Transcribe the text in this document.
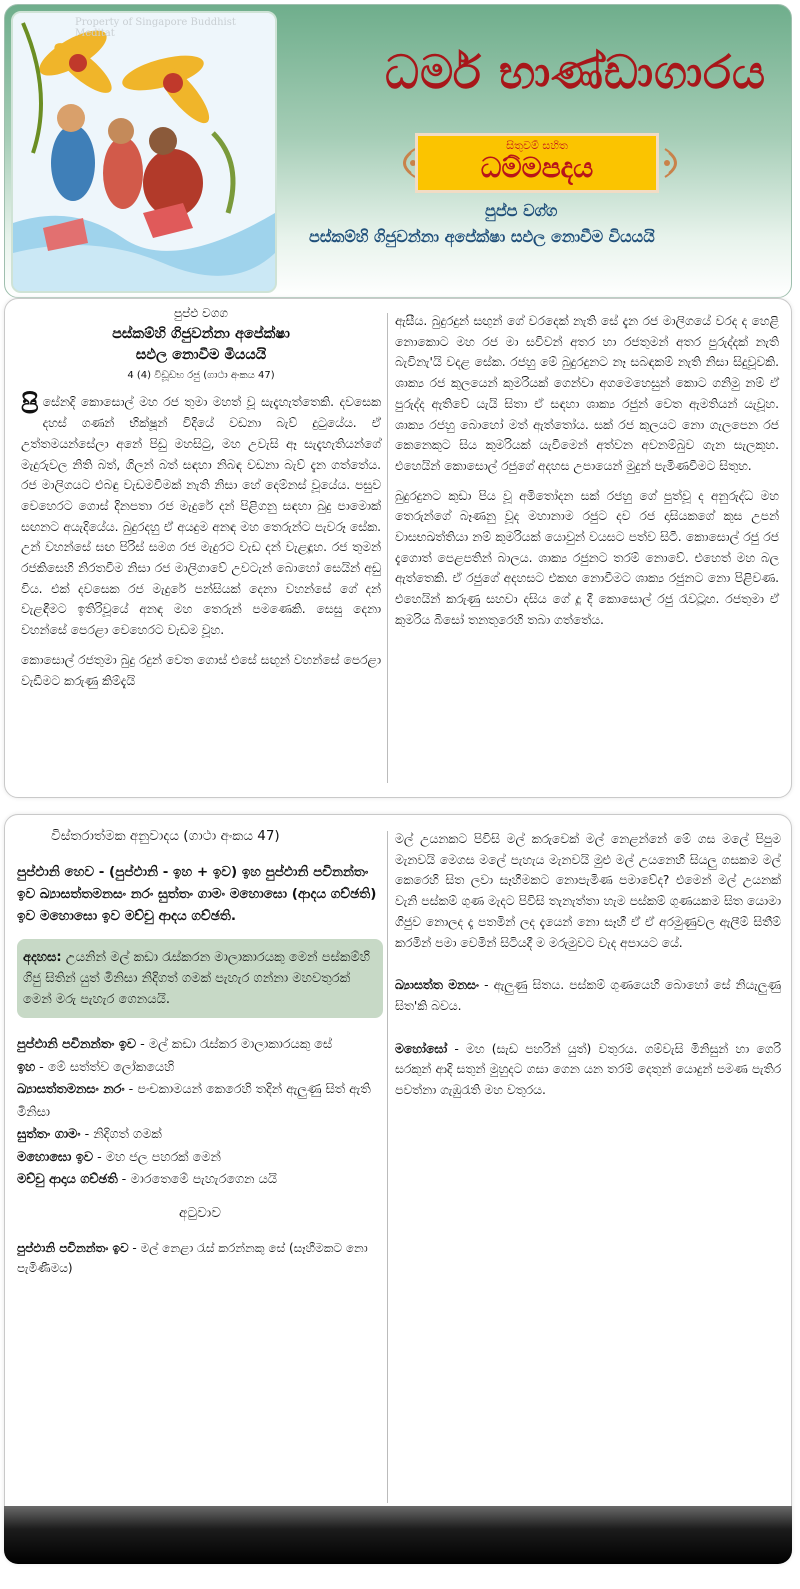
Property of Singapore Buddhist Meditat
ධර්ම භාණ්ඩාගාරය
සිතුවම් සහිත
ධම්මපදය
පුප්ප වග්ග
පස්කම්හි ගිජුවන්නා අපේක්ෂා සඵල නොවීම වියයයි
පුප්ඵ වගග
පස්කම්හි ගිජුවන්නා අපේක්ෂා
සඵල නොවීම මියයයි
4 (4) විඩූඩභ රජු (ගාථා අංකය 47)

පිසේනදි කොසොල් මහ රජ තුමා මහත් වූ සැදැහැත්තෙකි. දවසෙක දහස් ගණන් භික්ෂූන් විදියේ වඩනා බැව් දුටුයේය. ඒ උත්තමයන්සේලා අනේ පිඩු මහසිටු, මහ උවැසි ඈ සැදැහැතියන්ගේ මැදුරුවල නිති බත්, ගිලන් බත් සඳහා නිබඳ වඩනා බැව් දැන ගත්තේය. රජ මාලිගයට එබඳු වැඩමවීමක් නැති නිසා හේ දෙම්නස් වූයේය. පසුව වෙහෙරට ගොස් දිනපතා රජ මැදුරේ දන් පිළිගනු සඳහා බුදු පාමොක් සඟනට අයැදියේය. බුදුරදහු ඒ අයදුම අනඳ මහ තෙරුන්ට පැවරූ සේක. උන් වහන්සේ සඟ පිරිස් සමග රජ මැදුරට වැඩ දන් වැළඳූහ. රජ තුමන් රජකිසෙහි නිරතවීම නිසා රජ මාලිගාවේ උවටැන් බොහෝ සෙයින් අඩු විය. එක් දවසෙක රජ මැදුරේ පන්සියක් දෙනා වහන්සේ ගේ දන් වැළඳීමට ඉතිරිවූයේ අනඳ මහ තෙරුන් පමණෙකි. සෙසු දෙනා වහන්සේ පෙරළා වෙහෙරට වැඩම වූහ.

කොසොල් රජතුමා බුදු රදුන් වෙත ගොස් එසේ සඟුන් වහන්සේ පෙරළා වැඩීමට කරුණු කිම්දැයි

ඇසීය. බුදුරදුන් සඟුන් ගේ වරදෙක් නැති සේ දැන රජ මාලිගයේ වරද ද හෙළි නොකොට මහ රජ මා සවිවන් අතර හා රජතුමන් අතර පුරුද්දක් නැති බැවිනැ'යි වදළ සේක. රජහු මේ බුදුරදුනට නෑ සබඳකම් නැති නිසා සිදුවූවකි. ශාක්‍ය රජ කුලයෙන් කුමරියක් ගෙන්වා අගමෙහෙසුන් කොට ගනිමු නම් ඒ පුරුද්ද ඇතිවේ යැයි සිතා ඒ සඳහා ශාක්‍ය රජුන් වෙත ඇමතියන් යැවූහ. ශාක්‍ය රජහු බොහෝ මත් ඇත්තෝය. සක් රජ කුලයට නො ගැලපෙන රජ කෙනෙකුට සිය කුමරියක් යැවීමෙන් අත්වන අවනම්බුව ගැන සැලකුහ. එහෙයින් කොසොල් රජුගේ අදහස උපායෙන් මුදුන් පැමිණවීමට සිතුහ.

බුදුරදුනට කුඩා පිය වූ අමිතෝදන සක් රජහු ගේ පුත්වූ ද අනුරුද්ධ මහ තෙරුන්ගේ බෑණනු වූද මහානාම රජුට දව රජ දාසියකගේ කුස උපන් වාසභඛත්තියා නම් කුමරියක් යොවුන් වයසට පත්ව සිටී. කොසොල් රජු රජ දැගොත් පෙළපතින් බාලය. ශාක්‍ය රජුනට තරම් නොවේ. එහෙත් මහ බල ඇත්තෙකි. ඒ රජුගේ අදහසට එකඟ නොවීමට ශාක්‍ය රජුනට නො පිළිවණ. එහෙයින් කරුණු සහවා දසිය ගේ දූ දී කොසොල් රජු රැවටූහ. රජතුමා ඒ කුමරිය බිසෝ තනතුරෙහි තබා ගත්තේය.

විස්තරාත්මක අනුවාදය (ගාථා අංකය 47)
පුප්ඵානි හෙව - (පුප්ඵානි - ඉහ + ඉව) ඉහ පුප්ඵානි පචිනන්තං ඉව ඛ්‍යාසත්තමනසං නරං සුත්තං ගාමං මහොඝො (ආදය ගච්ඡති) ඉව මහොඝො ඉව මච්චු ආදය ගච්ඡති.
අදහස: උයනින් මල් කඩා රැස්කරන මාලාකාරයකු මෙන් පස්කම්හි ගිජු සිතින් යුත් මිනිසා නිදිගත් ගමක් පැහැර ගන්නා මහවතුරක් මෙන් මරු පැහැර ගෙනයයි.
පුප්ඵානි පචිනන්තං ඉව - මල් කඩා රැස්කර මාලාකාරයකු සේ
ඉහ - මේ සත්ත්ව ලෝකයෙහි
ඛ්‍යාසත්තමනසං නරං - පංචකාමයන් කෙරෙහි තදින් ඇලුණු සිත් ඇති මිනිසා
සුත්තං ගාමං - නිදිගත් ගමක්
මහොඝො ඉව - මහ ජල පහරක් මෙන්
මච්චු ආදාය ගච්ඡති - මාරතෙමේ පැහැරගෙන යයි
අටුවාව
පුප්ඵානි පචිනන්තං ඉව - මල් නෙළා රැස් කරන්නකු සේ (සෑහීමකට නො පැමිණීමය)

මල් උයනකට පිවිසි මල් කරුවෙක් මල් නෙළන්නේ මේ ගස මලේ පිපුම මැනවයි මෙගස මලේ පැහැය මැනවයි මුළු මල් උයනෙහි සියලු ගසකම මල් කෙරෙහි සිත ලවා සෑහීමකට නොපැමිණ පමාවේද? එමෙන් මල් උයනක් වැනි පස්කම් ගුණ මැදට පිවිසි තැනැත්තා හැම පස්කම් ගුණයකම සිත යොමා ගිජුව නොලද දෑ පතමින් ලද දැයෙන් නො සෑහී ඒ ඒ අරමුණුවල ඇලීම් සිතීම් කරමින් පමා වෙමින් සිටියදී ම මරුමුවට වැද අපායට යේ.

ඛ්‍යාසත්ත මනසං - ඇලුණු සිතය. පස්කම් ගුණයෙහි බොහෝ සේ නියැලුණු සිත'කි බවය.

මහෝඝෝ - මහ (සැඩ පහරින් යුත්) වතුරය. ගම්වැසි මිනිසුන් හා ගෙරි සරකුන් ආදි සතුන් මුහුදට ගසා ගෙන යන තරම් දෙතුන් යොදුන් පමණ පැතිර පවත්නා ගැඹුරැති මහ වතුරය.
